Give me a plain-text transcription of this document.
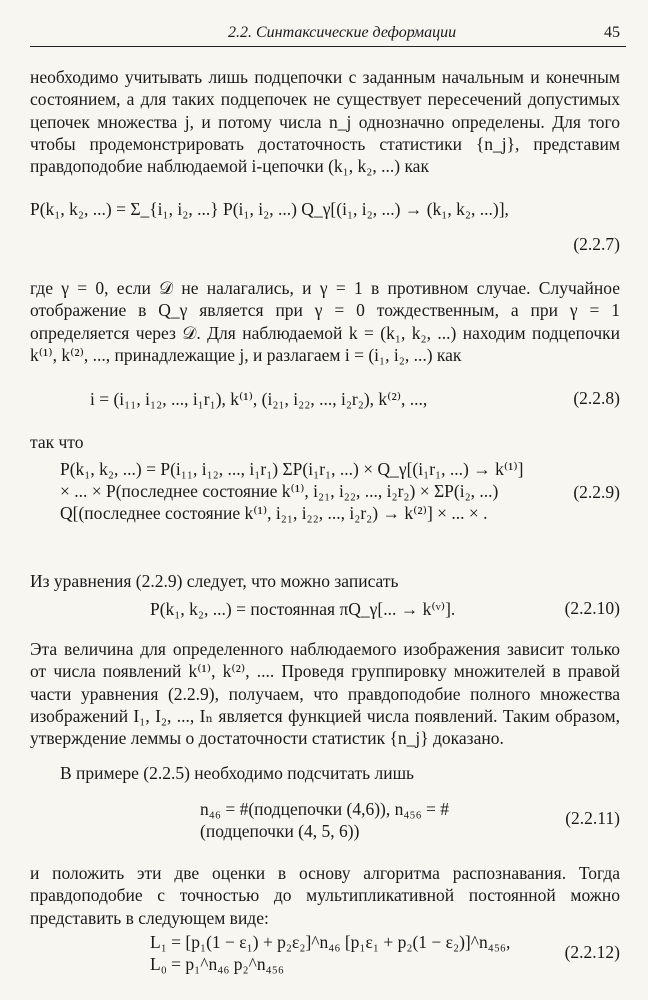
2.2. Синтаксические деформации	45
необходимо учитывать лишь подцепочки с заданным начальным и конечным состоянием, а для таких подцепочек не существует пересечений допустимых цепочек множества j, и потому числа n_j однозначно определены. Для того чтобы продемонстрировать достаточность статистики {n_j}, представим правдоподобие наблюдаемой i-цепочки (k₁, k₂, ...) как
P(k₁, k₂, ...) = Σ_{i₁, i₂, ...} P(i₁, i₂, ...) Q_γ[(i₁, i₂, ...) → (k₁, k₂, ...)],
(2.2.7)
где γ = 0, если 𝒟 не налагались, и γ = 1 в противном случае. Случайное отображение в Q_γ является при γ = 0 тождественным, а при γ = 1 определяется через 𝒟. Для наблюдаемой k = (k₁, k₂, ...) находим подцепочки k⁽¹⁾, k⁽²⁾, ..., принадлежащие j, и разлагаем i = (i₁, i₂, ...) как
i = (i₁₁, i₁₂, ..., i₁r₁), k⁽¹⁾, (i₂₁, i₂₂, ..., i₂r₂), k⁽²⁾, ...,	(2.2.8)
так что
P(k₁, k₂, ...) = P(i₁₁, i₁₂, ..., i₁r₁) ΣP(i₁r₁, ...) × Q_γ[(i₁r₁, ...) → k⁽¹⁾] × ... × P(последнее состояние k⁽¹⁾, i₂₁, i₂₂, ..., i₂r₂) × ΣP(i₂, ...) Q[(последнее состояние k⁽¹⁾, i₂₁, i₂₂, ..., i₂r₂) → k⁽²⁾] × ... × .
(2.2.9)
Из уравнения (2.2.9) следует, что можно записать
P(k₁, k₂, ...) = постоянная πQ_γ[... → k⁽ᵛ⁾].	(2.2.10)
Эта величина для определенного наблюдаемого изображения зависит только от числа появлений k⁽¹⁾, k⁽²⁾, .... Проведя группировку множителей в правой части уравнения (2.2.9), получаем, что правдоподобие полного множества изображений I₁, I₂, ..., Iₙ является функцией числа появлений. Таким образом, утверждение леммы о достаточности статистик {n_j} доказано.
В примере (2.2.5) необходимо подсчитать лишь
n₄₆ = #(подцепочки (4,6)), n₄₅₆ = #(подцепочки (4, 5, 6))
(2.2.11)
и положить эти две оценки в основу алгоритма распознавания. Тогда правдоподобие с точностью до мультипликативной постоянной можно представить в следующем виде:
L₁ = [p₁(1 − ε₁) + p₂ε₂]^n₄₆ [p₁ε₁ + p₂(1 − ε₂)]^n₄₅₆, L₀ = p₁^n₄₆ p₂^n₄₅₆
(2.2.12)
